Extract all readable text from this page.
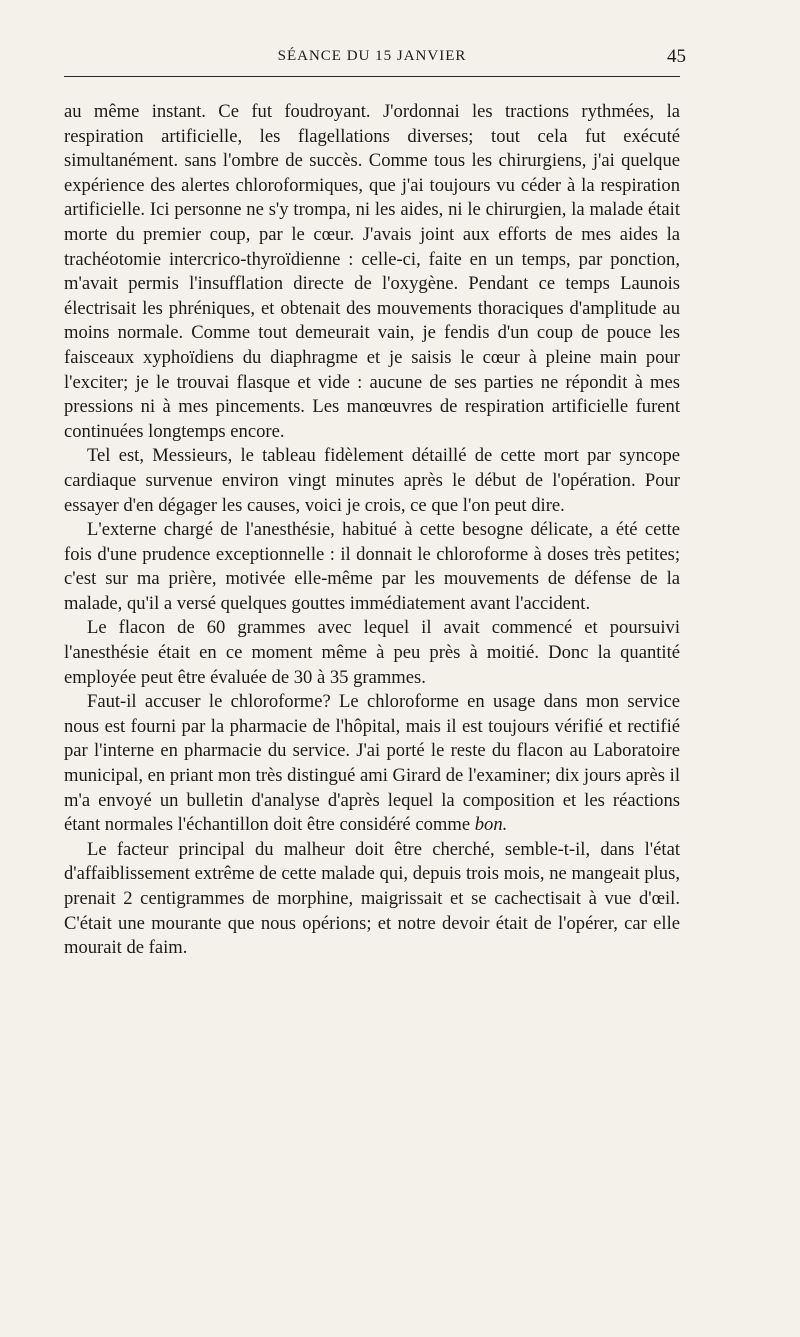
SÉANCE DU 15 JANVIER	45

au même instant. Ce fut foudroyant. J'ordonnai les tractions rythmées, la respiration artificielle, les flagellations diverses; tout cela fut exécuté simultanément. sans l'ombre de succès. Comme tous les chirurgiens, j'ai quelque expérience des alertes chloroformiques, que j'ai toujours vu céder à la respiration artificielle. Ici personne ne s'y trompa, ni les aides, ni le chirurgien, la malade était morte du premier coup, par le cœur. J'avais joint aux efforts de mes aides la trachéotomie intercrico-thyroïdienne : celle-ci, faite en un temps, par ponction, m'avait permis l'insufflation directe de l'oxygène. Pendant ce temps Launois électrisait les phréniques, et obtenait des mouvements thoraciques d'amplitude au moins normale. Comme tout demeurait vain, je fendis d'un coup de pouce les faisceaux xyphoïdiens du diaphragme et je saisis le cœur à pleine main pour l'exciter; je le trouvai flasque et vide : aucune de ses parties ne répondit à mes pressions ni à mes pincements. Les manœuvres de respiration artificielle furent continuées longtemps encore.

Tel est, Messieurs, le tableau fidèlement détaillé de cette mort par syncope cardiaque survenue environ vingt minutes après le début de l'opération. Pour essayer d'en dégager les causes, voici je crois, ce que l'on peut dire.

L'externe chargé de l'anesthésie, habitué à cette besogne délicate, a été cette fois d'une prudence exceptionnelle : il donnait le chloroforme à doses très petites; c'est sur ma prière, motivée elle-même par les mouvements de défense de la malade, qu'il a versé quelques gouttes immédiatement avant l'accident.

Le flacon de 60 grammes avec lequel il avait commencé et poursuivi l'anesthésie était en ce moment même à peu près à moitié. Donc la quantité employée peut être évaluée de 30 à 35 grammes.

Faut-il accuser le chloroforme? Le chloroforme en usage dans mon service nous est fourni par la pharmacie de l'hôpital, mais il est toujours vérifié et rectifié par l'interne en pharmacie du service. J'ai porté le reste du flacon au Laboratoire municipal, en priant mon très distingué ami Girard de l'examiner; dix jours après il m'a envoyé un bulletin d'analyse d'après lequel la composition et les réactions étant normales l'échantillon doit être considéré comme bon.

Le facteur principal du malheur doit être cherché, semble-t-il, dans l'état d'affaiblissement extrême de cette malade qui, depuis trois mois, ne mangeait plus, prenait 2 centigrammes de morphine, maigrissait et se cachectisait à vue d'œil. C'était une mourante que nous opérions; et notre devoir était de l'opérer, car elle mourait de faim.
